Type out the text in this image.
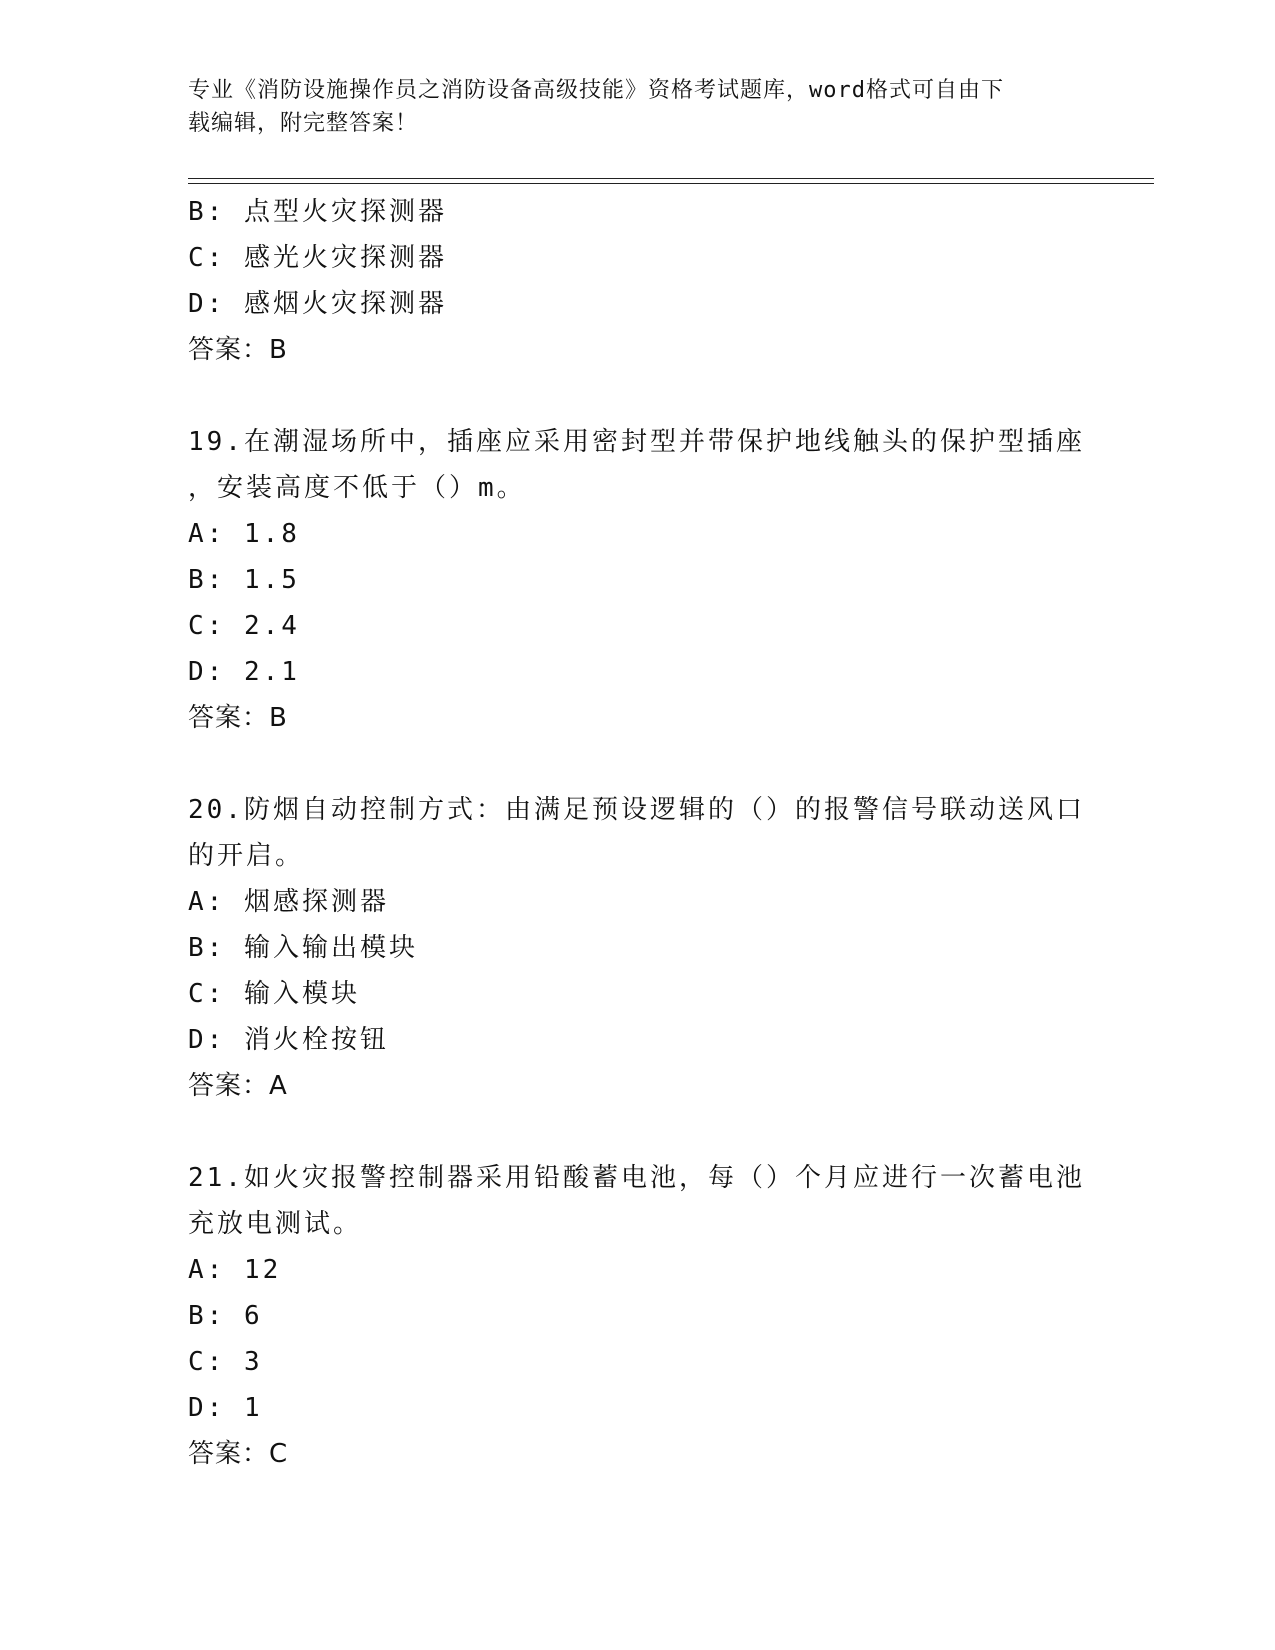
专业《消防设施操作员之消防设备高级技能》资格考试题库，word格式可自由下
载编辑，附完整答案！
B: 点型火灾探测器
C: 感光火灾探测器
D: 感烟火灾探测器
答案：B
19.在潮湿场所中，插座应采用密封型并带保护地线触头的保护型插座
，安装高度不低于（）m。
A: 1.8
B: 1.5
C: 2.4
D: 2.1
答案：B
20.防烟自动控制方式：由满足预设逻辑的（）的报警信号联动送风口
的开启。
A: 烟感探测器
B: 输入输出模块
C: 输入模块
D: 消火栓按钮
答案：A
21.如火灾报警控制器采用铅酸蓄电池，每（）个月应进行一次蓄电池
充放电测试。
A: 12
B: 6
C: 3
D: 1
答案：C
